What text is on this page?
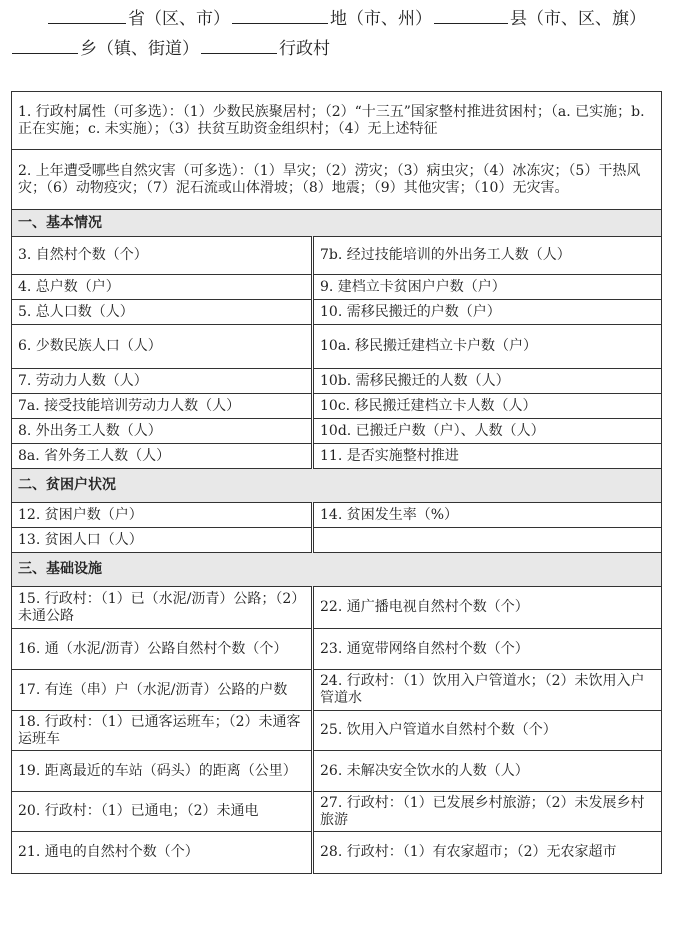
省（区、市）	地（市、州）	县（市、区、旗）
乡（镇、街道）	行政村
1. 行政村属性（可多选）：（1）少数民族聚居村；（2）“十三五”国家整村推进贫困村；（a. 已实施；b. 正在实施；c. 未实施）；（3）扶贫互助资金组织村；（4）无上述特征	
2. 上年遭受哪些自然灾害（可多选）：（1）旱灾；（2）涝灾；（3）病虫灾；（4）冰冻灾；（5）干热风灾；（6）动物疫灾；（7）泥石流或山体滑坡；（8）地震；（9）其他灾害；（10）无灾害。	
一、基本情况	
3. 自然村个数（个）	7b. 经过技能培训的外出务工人数（人）
4. 总户数（户）	9. 建档立卡贫困户户数（户）
5. 总人口数（人）	10. 需移民搬迁的户数（户）
6. 少数民族人口（人）	10a. 移民搬迁建档立卡户数（户）
7. 劳动力人数（人）	10b. 需移民搬迁的人数（人）
7a. 接受技能培训劳动力人数（人）	10c. 移民搬迁建档立卡人数（人）
8. 外出务工人数（人）	10d. 已搬迁户数（户）、人数（人）
8a. 省外务工人数（人）	11. 是否实施整村推进
二、贫困户状况	
12. 贫困户数（户）	14. 贫困发生率（%）
13. 贫困人口（人）	
三、基础设施	
15. 行政村：（1）已（水泥/沥青）公路；（2）未通公路	22. 通广播电视自然村个数（个）
16. 通（水泥/沥青）公路自然村个数（个）	23. 通宽带网络自然村个数（个）
17. 有连（串）户（水泥/沥青）公路的户数	24. 行政村：（1）饮用入户管道水；（2）未饮用入户管道水
18. 行政村：（1）已通客运班车；（2）未通客运班车	25. 饮用入户管道水自然村个数（个）
19. 距离最近的车站（码头）的距离（公里）	26. 未解决安全饮水的人数（人）
20. 行政村：（1）已通电；（2）未通电	27. 行政村：（1）已发展乡村旅游；（2）未发展乡村旅游
21. 通电的自然村个数（个）	28. 行政村：（1）有农家超市；（2）无农家超市
